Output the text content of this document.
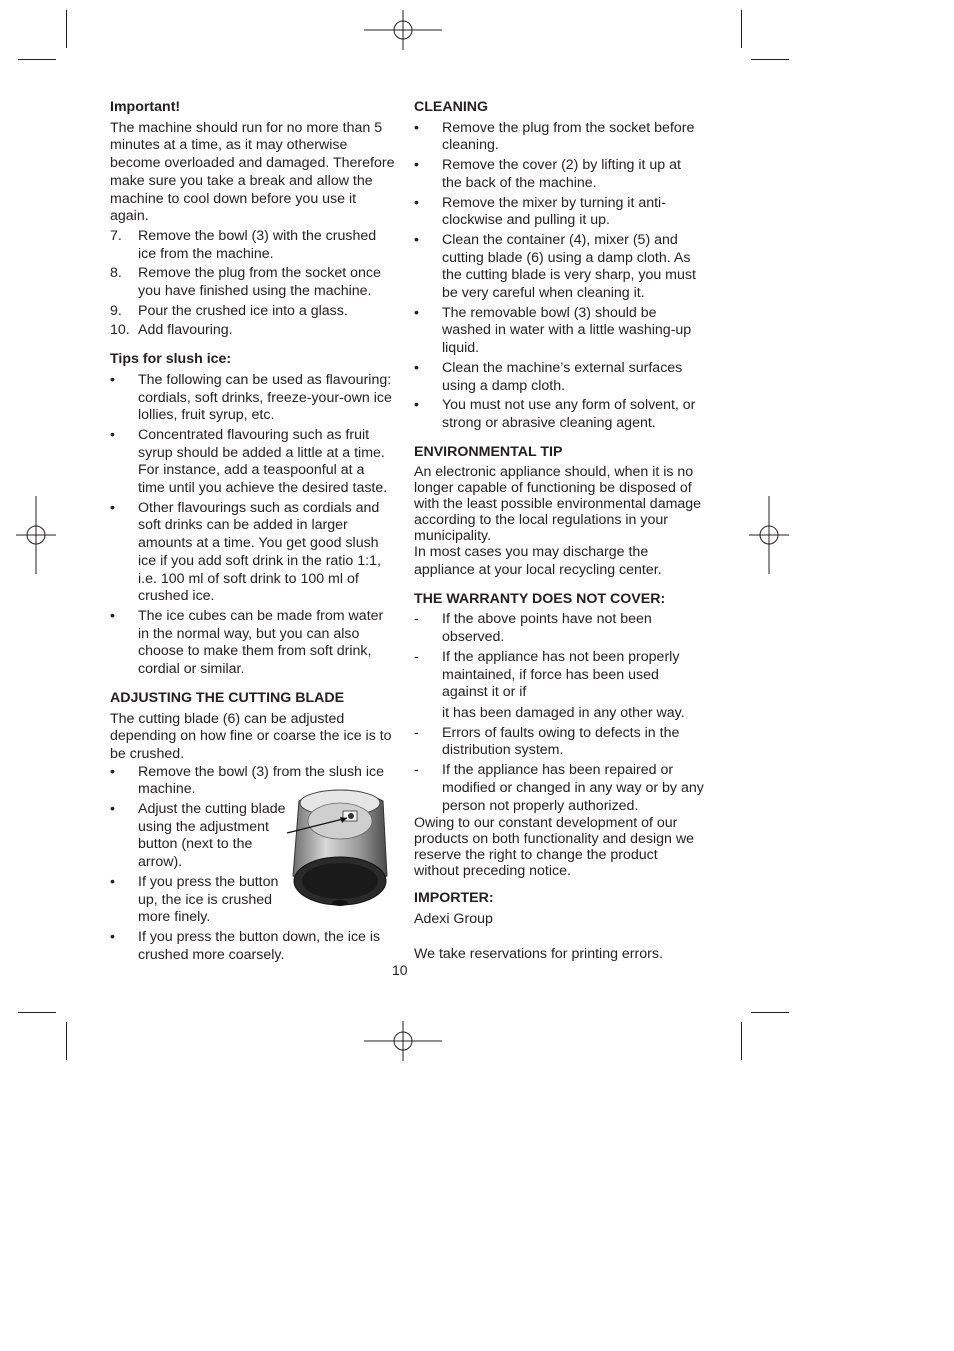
Important!

The machine should run for no more than 5 minutes at a time, as it may otherwise become overloaded and damaged. Therefore make sure you take a break and allow the machine to cool down before you use it again.

7.	Remove the bowl (3) with the crushed ice from the machine.
8.	Remove the plug from the socket once you have finished using the machine.
9.	Pour the crushed ice into a glass.
10. Add flavouring.
Tips for slush ice:
•	The following can be used as flavouring: cordials, soft drinks, freeze-your-own ice lollies, fruit syrup, etc.
•	Concentrated flavouring such as fruit syrup should be added a little at a time. For instance, add a teaspoonful at a time until you achieve the desired taste.
•	Other flavourings such as cordials and soft drinks can be added in larger amounts at a time. You get good slush ice if you add soft drink in the ratio 1:1, i.e. 100 ml of soft drink to 100 ml of crushed ice.
•	The ice cubes can be made from water in the normal way, but you can also choose to make them from soft drink, cordial or similar.
ADJUSTING THE CUTTING BLADE

The cutting blade (6) can be adjusted depending on how fine or coarse the ice is to be crushed.

•	Remove the bowl (3) from the slush ice machine.
•	Adjust the cutting blade using the adjustment button (next to the arrow).
•	If you press the button up, the ice is crushed more finely.
•	If you press the button down, the ice is crushed more coarsely.
CLEANING
•	Remove the plug from the socket before cleaning.
•	Remove the cover (2) by lifting it up at the back of the machine.
•	Remove the mixer by turning it anti-clockwise and pulling it up.
•	Clean the container (4), mixer (5) and cutting blade (6) using a damp cloth. As the cutting blade is very sharp, you must be very careful when cleaning it.
•	The removable bowl (3) should be washed in water with a little washing-up liquid.
•	Clean the machine’s external surfaces using a damp cloth.
•	You must not use any form of solvent, or strong or abrasive cleaning agent.
ENVIRONMENTAL TIP

An electronic appliance should, when it is no longer capable of functioning be disposed of with the least possible environmental damage according to the local regulations in your municipality.

In most cases you may discharge the appliance at your local recycling center.

THE WARRANTY DOES NOT COVER:
-	If the above points have not been observed.
-	If the appliance has not been properly maintained, if force has been used against it or if
it has been damaged in any other way.
-	Errors of faults owing to defects in the distribution system.
-	If the appliance has been repaired or modified or changed in any way or by any person not properly authorized.

Owing to our constant development of our products on both functionality and design we reserve the right to change the product without preceding notice.

IMPORTER:

Adexi Group

We take reservations for printing errors.

10
